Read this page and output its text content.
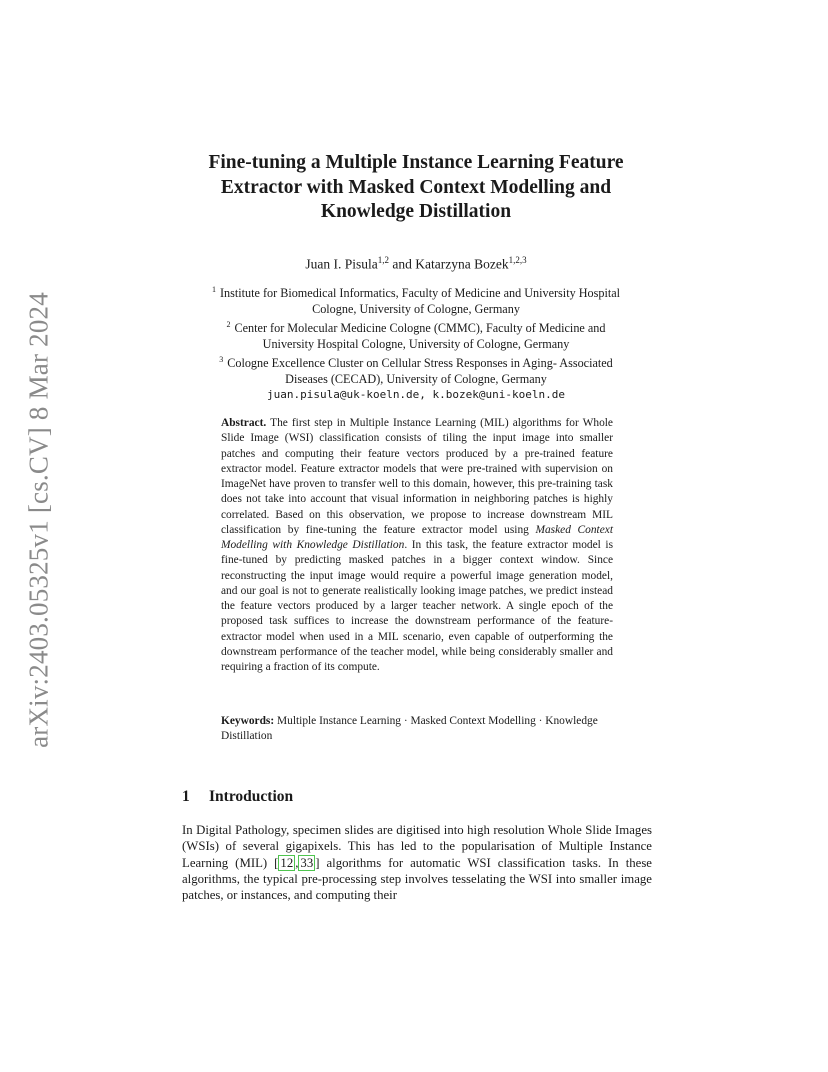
arXiv:2403.05325v1 [cs.CV] 8 Mar 2024
Fine-tuning a Multiple Instance Learning Feature
Extractor with Masked Context Modelling and
Knowledge Distillation
Juan I. Pisula$^{1,2}$ and Katarzyna Bozek$^{1,2,3}$
$^1$ Institute for Biomedical Informatics, Faculty of Medicine and University Hospital
Cologne, University of Cologne, Germany
$^2$ Center for Molecular Medicine Cologne (CMMC), Faculty of Medicine and
University Hospital Cologne, University of Cologne, Germany
$^3$ Cologne Excellence Cluster on Cellular Stress Responses in Aging- Associated
Diseases (CECAD), University of Cologne, Germany
juan.pisula@uk-koeln.de, k.bozek@uni-koeln.de

Abstract. The first step in Multiple Instance Learning (MIL) algorithms for Whole Slide Image (WSI) classification consists of tiling the input image into smaller patches and computing their feature vectors produced by a pre-trained feature extractor model. Feature extractor models that were pre-trained with supervision on ImageNet have proven to transfer well to this domain, however, this pre-training task does not take into account that visual information in neighboring patches is highly correlated. Based on this observation, we propose to increase downstream MIL classification by fine-tuning the feature extractor model using Masked Context Modelling with Knowledge Distillation. In this task, the feature extractor model is fine-tuned by predicting masked patches in a bigger context window. Since reconstructing the input image would require a powerful image generation model, and our goal is not to generate realistically looking image patches, we predict instead the feature vectors produced by a larger teacher network. A single epoch of the proposed task suffices to increase the downstream performance of the feature-extractor model when used in a MIL scenario, even capable of outperforming the downstream performance of the teacher model, while being considerably smaller and requiring a fraction of its compute.

Keywords: Multiple Instance Learning · Masked Context Modelling · Knowledge Distillation

1 Introduction

In Digital Pathology, specimen slides are digitised into high resolution Whole Slide Images (WSIs) of several gigapixels. This has led to the popularisation of Multiple Instance Learning (MIL) [ 12 , 33 ] algorithms for automatic WSI classification tasks. In these algorithms, the typical pre-processing step involves tesselating the WSI into smaller image patches, or instances, and computing their
